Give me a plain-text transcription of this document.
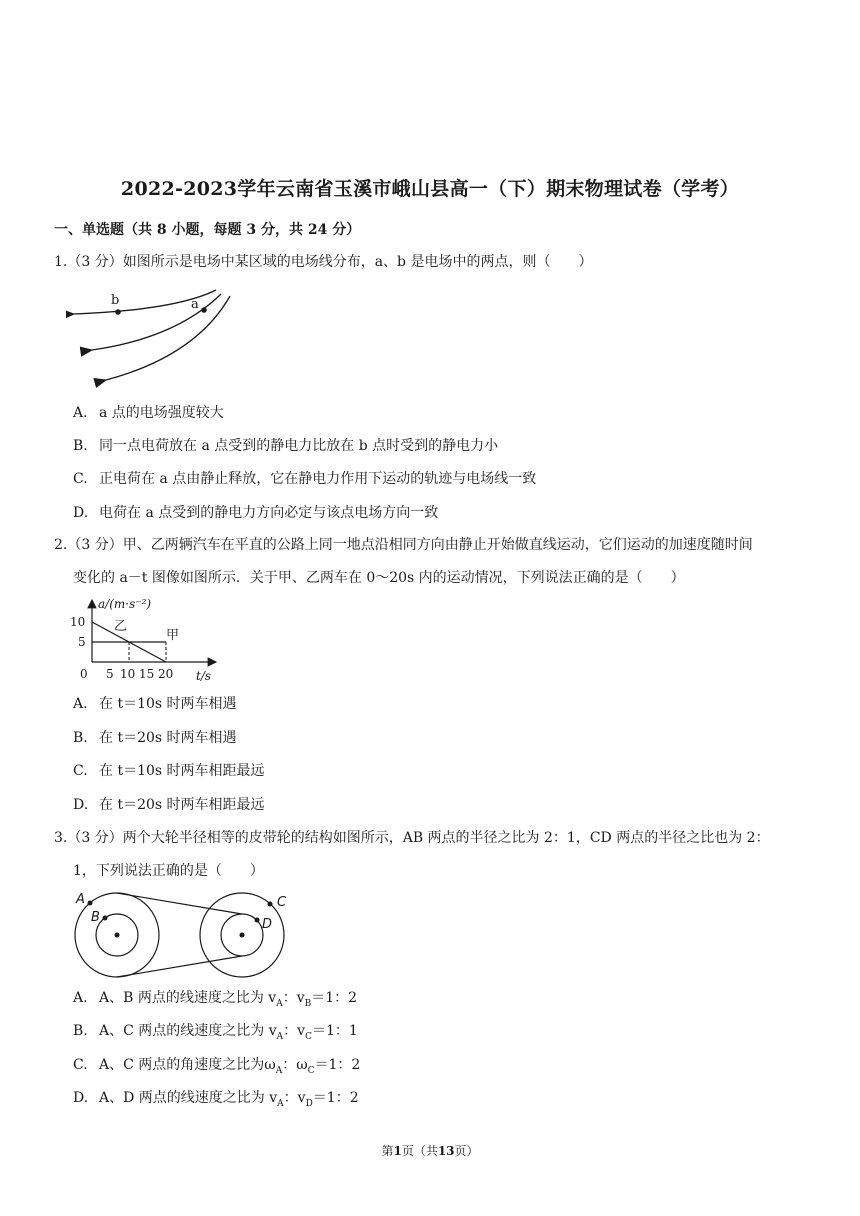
2022-2023学年云南省玉溪市峨山县高一（下）期末物理试卷（学考）
一、单选题（共 8 小题，每题 3 分，共 24 分）
1.（3 分）如图所示是电场中某区域的电场线分布，a、b 是电场中的两点，则（　　）
b	a
A. a 点的电场强度较大
B. 同一点电荷放在 a 点受到的静电力比放在 b 点时受到的静电力小
C. 正电荷在 a 点由静止释放，它在静电力作用下运动的轨迹与电场线一致
D. 电荷在 a 点受到的静电力方向必定与该点电场方向一致
2.（3 分）甲、乙两辆汽车在平直的公路上同一地点沿相同方向由静止开始做直线运动，它们运动的加速度随时间
变化的 a－t 图像如图所示．关于甲、乙两车在 0～20s 内的运动情况，下列说法正确的是（　　）
a/(m·s⁻²)
t/s
10
5
0 5 10 15 20
乙
甲
A. 在 t＝10s 时两车相遇
B. 在 t＝20s 时两车相遇
C. 在 t＝10s 时两车相距最远
D. 在 t＝20s 时两车相距最远
3.（3 分）两个大轮半径相等的皮带轮的结构如图所示，AB 两点的半径之比为 2：1，CD 两点的半径之比也为 2：
1，下列说法正确的是（　　）
A
B
C
D
A. A、B 两点的线速度之比为 $v_A$：$v_B=1$：2
B. A、C 两点的线速度之比为 $v_A$：$v_C=1$：1
C. A、C 两点的角速度之比为$\omega_A$：$\omega_C=1$：2
D. A、D 两点的线速度之比为 $v_A$：$v_D=1$：2
第1页（共13页）
